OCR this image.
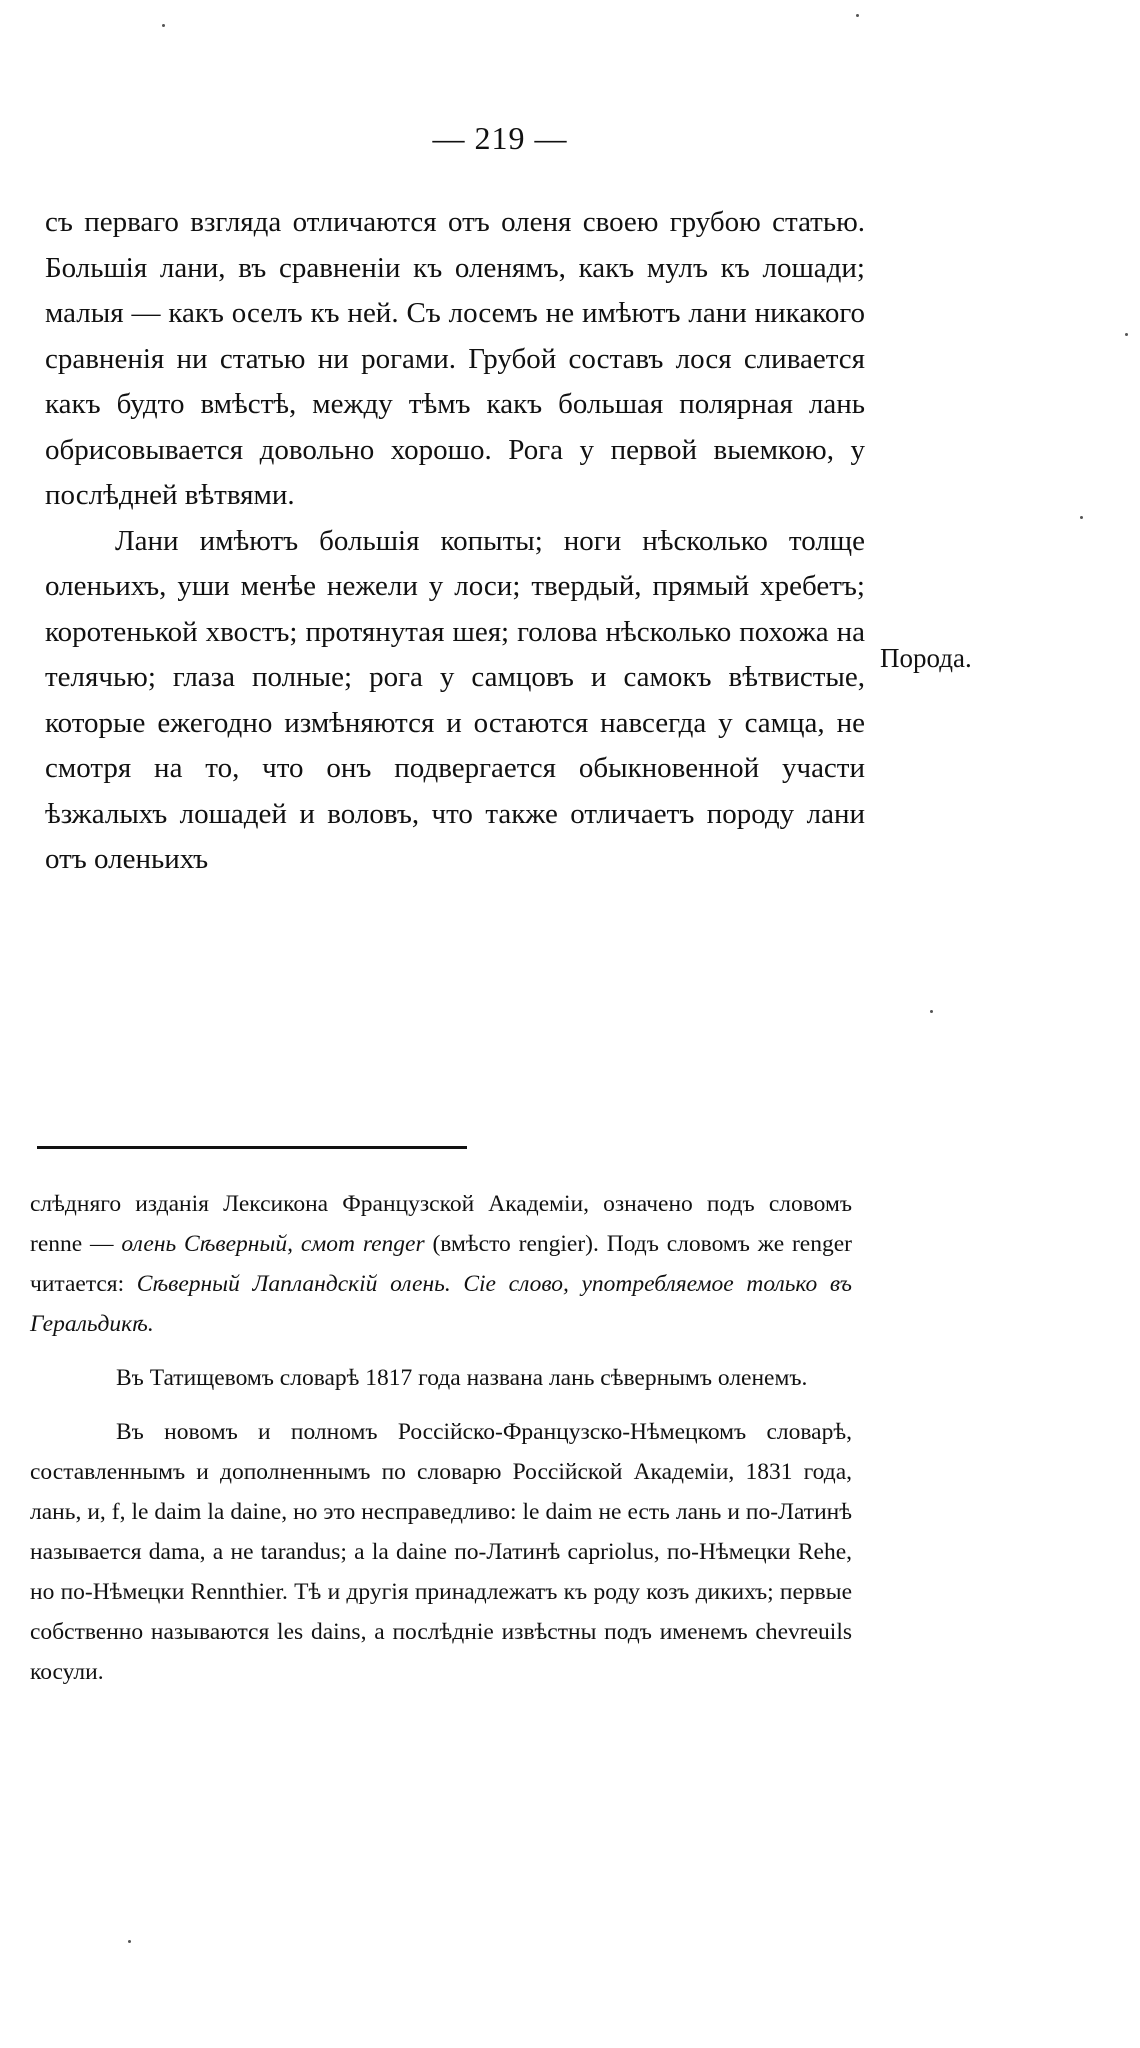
— 219 —

съ перваго взгляда отличаются отъ оленя своею грубою статью. Большія лани, въ сравненіи къ оленямъ, какъ мулъ къ лошади; малыя — какъ оселъ къ ней. Съ лосемъ не имѣютъ лани никакого сравненія ни статью ни рогами. Грубой составъ лося сливается какъ будто вмѣстѣ, между тѣмъ какъ большая полярная лань обрисовывается довольно хорошо. Рога у первой выемкою, у послѣдней вѣтвями.

Лани имѣютъ большія копыты; ноги нѣсколько толще оленьихъ, уши менѣе нежели у лоси; твердый, прямый хребетъ; коротенькой хвостъ; протянутая шея; голова нѣсколько похожа на телячью; глаза полные; рога у самцовъ и самокъ вѣтвистые, которые ежегодно измѣняются и остаются навсегда у самца, не смотря на то, что онъ подвергается обыкновенной участи ѣзжалыхъ лошадей и воловъ, что также отличаетъ породу лани отъ оленьихъ

Порода.

слѣдняго изданія Лексикона Французской Академіи, означено подъ словомъ renne — олень Сѣверный, смот renger (вмѣсто rengier). Подъ словомъ же renger читается: Сѣверный Лапландскій олень. Сіе слово, употребляемое только въ Геральдикѣ.

Въ Татищевомъ словарѣ 1817 года названа лань сѣвернымъ оленемъ.

Въ новомъ и полномъ Россійско-Французско-Нѣмецкомъ словарѣ, составленнымъ и дополненнымъ по словарю Россійской Академіи, 1831 года, лань, и, f, le daim la daine, но это несправедливо: le daim не есть лань и по-Латинѣ называется dama, а не tarandus; a la daine по-Латинѣ capriolus, по-Нѣмецки Rehe, но по-Нѣмецки Rennthier. Тѣ и другія принадлежатъ къ роду козъ дикихъ; первые собственно называются les dains, а послѣдніе извѣстны подъ именемъ chevreuils косули.
